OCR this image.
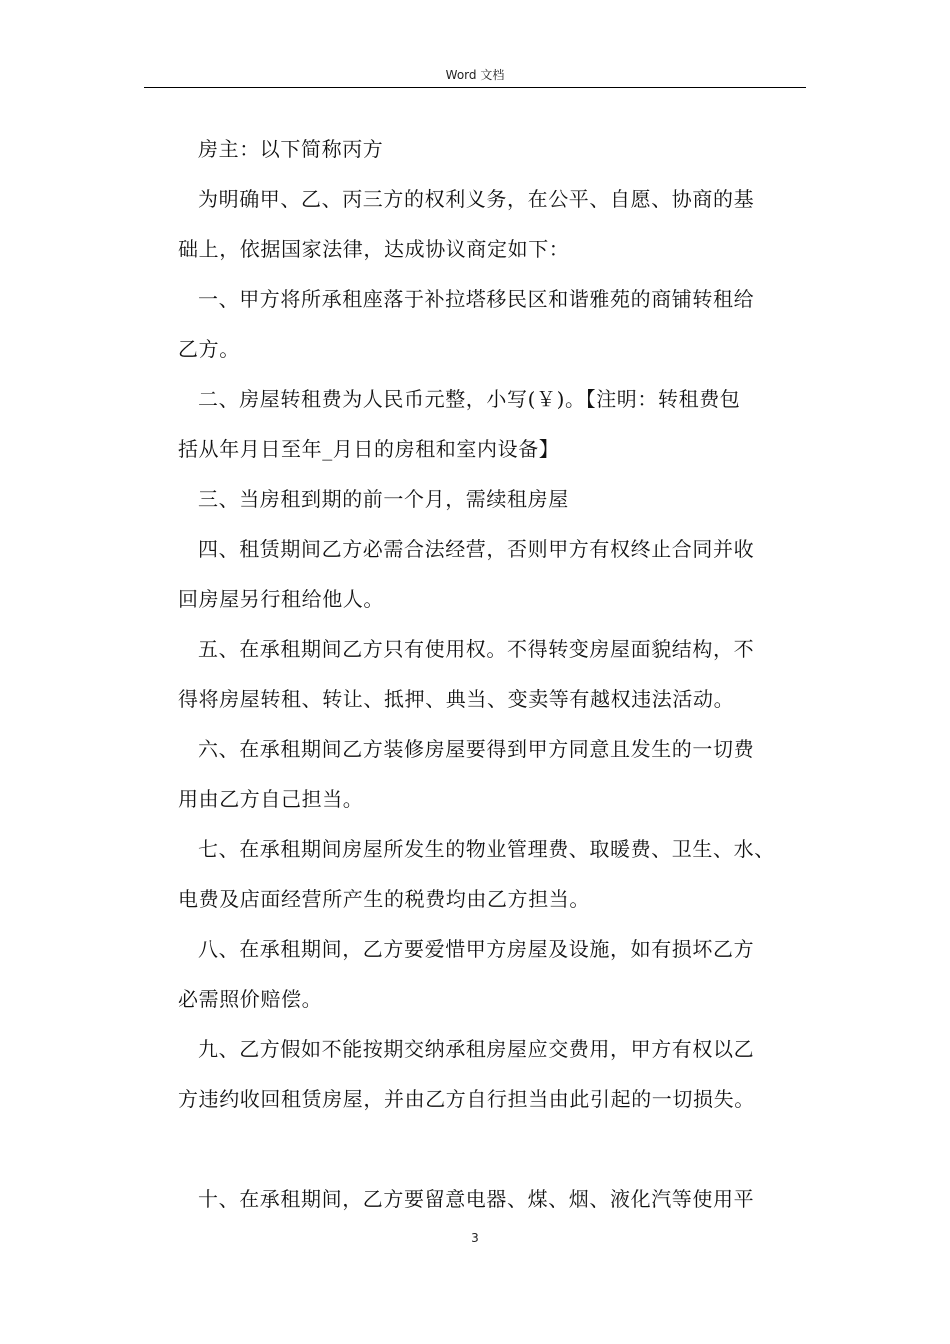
Word 文档
房主：以下简称丙方
为明确甲、乙、丙三方的权利义务，在公平、自愿、协商的基
础上，依据国家法律，达成协议商定如下：
一、甲方将所承租座落于补拉塔移民区和谐雅苑的商铺转租给
乙方。
二、房屋转租费为人民币元整，小写(￥)。【注明：转租费包
括从年月日至年_月日的房租和室内设备】
三、当房租到期的前一个月，需续租房屋
四、租赁期间乙方必需合法经营，否则甲方有权终止合同并收
回房屋另行租给他人。
五、在承租期间乙方只有使用权。不得转变房屋面貌结构，不
得将房屋转租、转让、抵押、典当、变卖等有越权违法活动。
六、在承租期间乙方装修房屋要得到甲方同意且发生的一切费
用由乙方自己担当。
七、在承租期间房屋所发生的物业管理费、取暖费、卫生、水、
电费及店面经营所产生的税费均由乙方担当。
八、在承租期间，乙方要爱惜甲方房屋及设施，如有损坏乙方
必需照价赔偿。
九、乙方假如不能按期交纳承租房屋应交费用，甲方有权以乙
方违约收回租赁房屋，并由乙方自行担当由此引起的一切损失。
十、在承租期间，乙方要留意电器、煤、烟、液化汽等使用平
3
